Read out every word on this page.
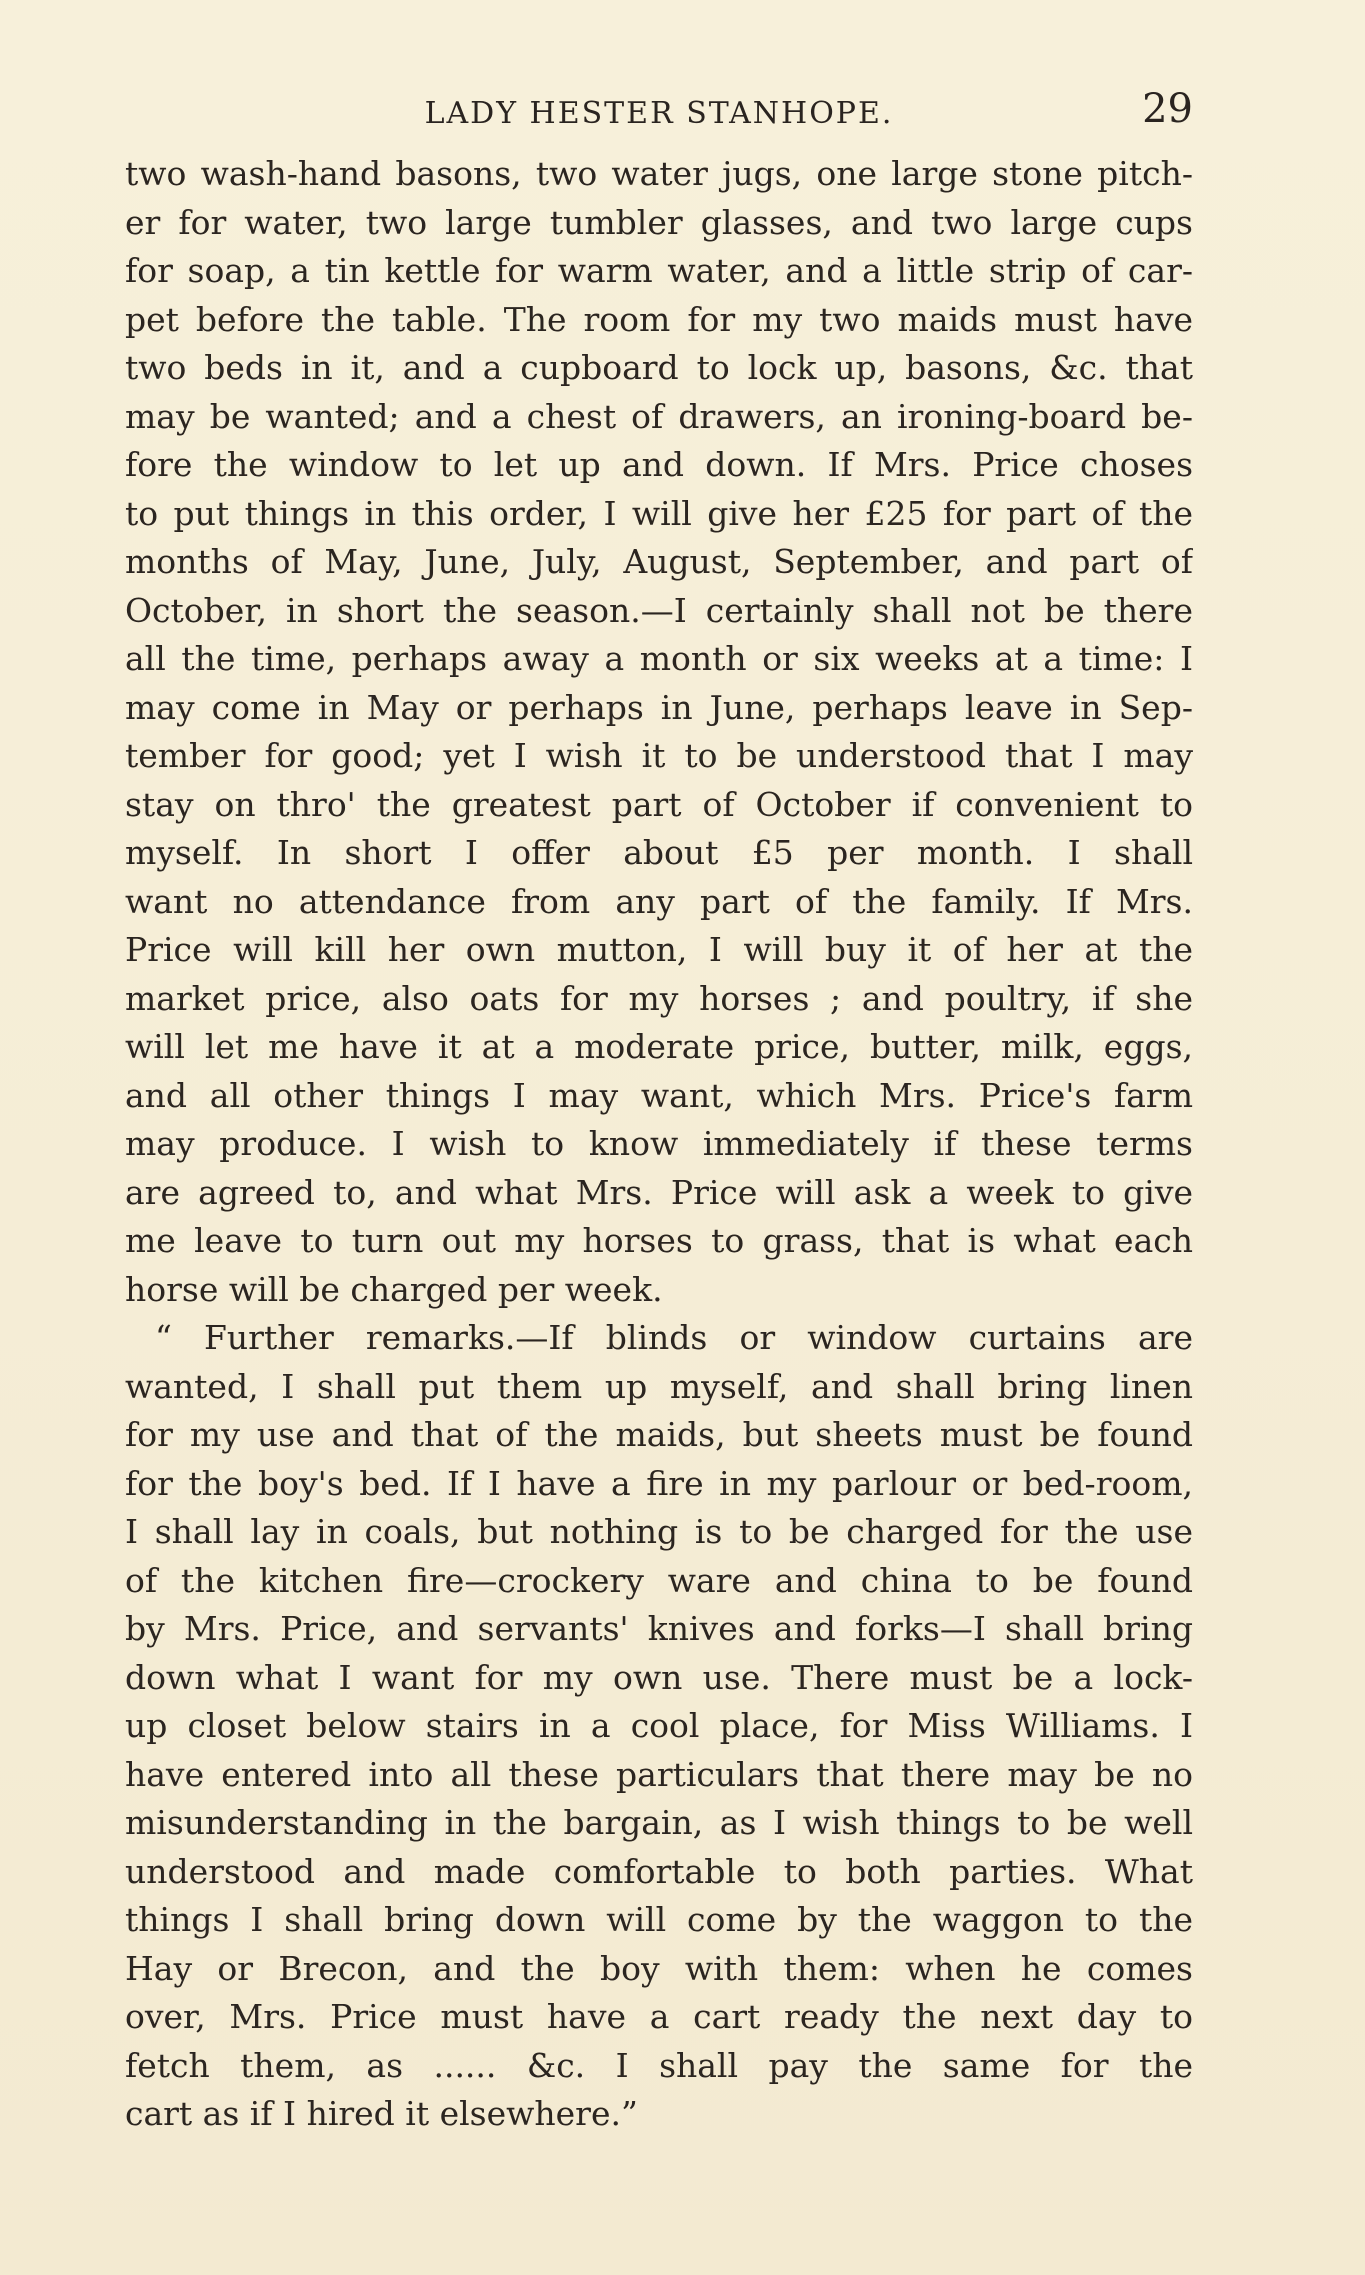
LADY HESTER STANHOPE.	29
two wash-hand basons, two water jugs, one large stone pitch-
er for water, two large tumbler glasses, and two large cups
for soap, a tin kettle for warm water, and a little strip of car-
pet before the table. The room for my two maids must have
two beds in it, and a cupboard to lock up, basons, &c. that
may be wanted; and a chest of drawers, an ironing-board be-
fore the window to let up and down. If Mrs. Price choses
to put things in this order, I will give her £25 for part of the
months of May, June, July, August, September, and part of
October, in short the season.—I certainly shall not be there
all the time, perhaps away a month or six weeks at a time: I
may come in May or perhaps in June, perhaps leave in Sep-
tember for good; yet I wish it to be understood that I may
stay on thro' the greatest part of October if convenient to
myself. In short I offer about £5 per month. I shall
want no attendance from any part of the family. If Mrs.
Price will kill her own mutton, I will buy it of her at the
market price, also oats for my horses ; and poultry, if she
will let me have it at a moderate price, butter, milk, eggs,
and all other things I may want, which Mrs. Price's farm
may produce. I wish to know immediately if these terms
are agreed to, and what Mrs. Price will ask a week to give
me leave to turn out my horses to grass, that is what each
horse will be charged per week.
“ Further remarks.—If blinds or window curtains are
wanted, I shall put them up myself, and shall bring linen
for my use and that of the maids, but sheets must be found
for the boy's bed. If I have a fire in my parlour or bed-room,
I shall lay in coals, but nothing is to be charged for the use
of the kitchen fire—crockery ware and china to be found
by Mrs. Price, and servants' knives and forks—I shall bring
down what I want for my own use. There must be a lock-
up closet below stairs in a cool place, for Miss Williams. I
have entered into all these particulars that there may be no
misunderstanding in the bargain, as I wish things to be well
understood and made comfortable to both parties. What
things I shall bring down will come by the waggon to the
Hay or Brecon, and the boy with them: when he comes
over, Mrs. Price must have a cart ready the next day to
fetch them, as ...... &c. I shall pay the same for the
cart as if I hired it elsewhere.”
